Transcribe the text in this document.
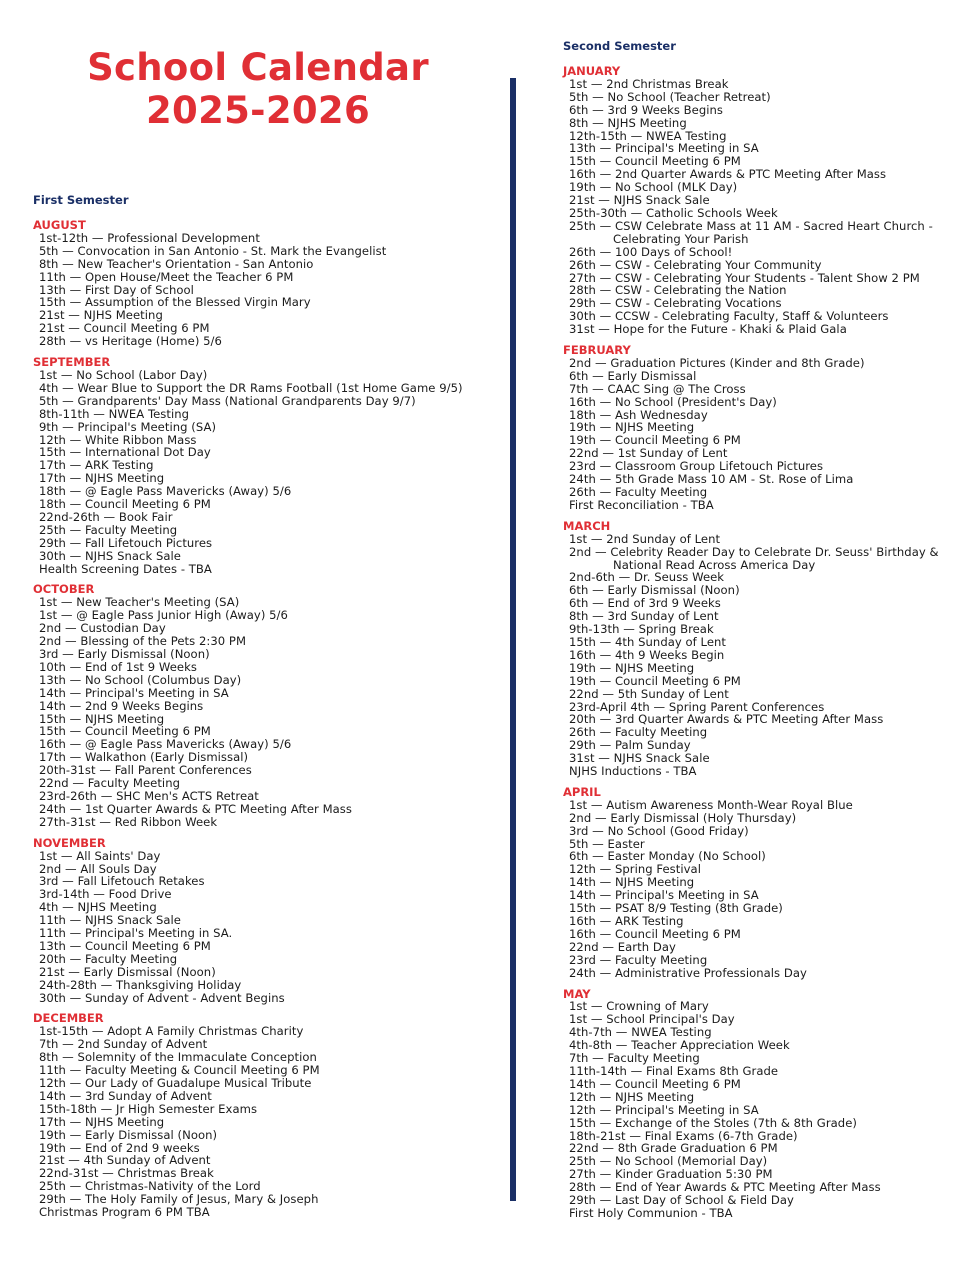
School Calendar
2025-2026
First Semester
AUGUST
1st-12th — Professional Development
5th — Convocation in San Antonio - St. Mark the Evangelist
8th — New Teacher's Orientation - San Antonio
11th — Open House/Meet the Teacher 6 PM
13th — First Day of School
15th — Assumption of the Blessed Virgin Mary
21st — NJHS Meeting
21st — Council Meeting 6 PM
28th — vs Heritage (Home) 5/6
SEPTEMBER
1st — No School (Labor Day)
4th — Wear Blue to Support the DR Rams Football (1st Home Game 9/5)
5th — Grandparents' Day Mass (National Grandparents Day 9/7)
8th-11th — NWEA Testing
9th — Principal's Meeting (SA)
12th — White Ribbon Mass
15th — International Dot Day
17th — ARK Testing
17th — NJHS Meeting
18th — @ Eagle Pass Mavericks (Away) 5/6
18th — Council Meeting 6 PM
22nd-26th — Book Fair
25th — Faculty Meeting
29th — Fall Lifetouch Pictures
30th — NJHS Snack Sale
Health Screening Dates - TBA
OCTOBER
1st — New Teacher's Meeting (SA)
1st — @ Eagle Pass Junior High (Away) 5/6
2nd — Custodian Day
2nd — Blessing of the Pets 2:30 PM
3rd — Early Dismissal (Noon)
10th — End of 1st 9 Weeks
13th — No School (Columbus Day)
14th — Principal's Meeting in SA
14th — 2nd 9 Weeks Begins
15th — NJHS Meeting
15th — Council Meeting 6 PM
16th — @ Eagle Pass Mavericks (Away) 5/6
17th — Walkathon (Early Dismissal)
20th-31st — Fall Parent Conferences
22nd — Faculty Meeting
23rd-26th — SHC Men's ACTS Retreat
24th — 1st Quarter Awards & PTC Meeting After Mass
27th-31st — Red Ribbon Week
NOVEMBER
1st — All Saints' Day
2nd — All Souls Day
3rd — Fall Lifetouch Retakes
3rd-14th — Food Drive
4th — NJHS Meeting
11th — NJHS Snack Sale
11th — Principal's Meeting in SA.
13th — Council Meeting 6 PM
20th — Faculty Meeting
21st — Early Dismissal (Noon)
24th-28th — Thanksgiving Holiday
30th — Sunday of Advent - Advent Begins
DECEMBER
1st-15th — Adopt A Family Christmas Charity
7th — 2nd Sunday of Advent
8th — Solemnity of the Immaculate Conception
11th — Faculty Meeting & Council Meeting 6 PM
12th — Our Lady of Guadalupe Musical Tribute
14th — 3rd Sunday of Advent
15th-18th — Jr High Semester Exams
17th — NJHS Meeting
19th — Early Dismissal (Noon)
19th — End of 2nd 9 weeks
21st — 4th Sunday of Advent
22nd-31st — Christmas Break
25th — Christmas-Nativity of the Lord
29th — The Holy Family of Jesus, Mary & Joseph
Christmas Program 6 PM TBA
Second Semester
JANUARY
1st — 2nd Christmas Break
5th — No School (Teacher Retreat)
6th — 3rd 9 Weeks Begins
8th — NJHS Meeting
12th-15th — NWEA Testing
13th — Principal's Meeting in SA
15th — Council Meeting 6 PM
16th — 2nd Quarter Awards & PTC Meeting After Mass
19th — No School (MLK Day)
21st — NJHS Snack Sale
25th-30th — Catholic Schools Week
25th — CSW Celebrate Mass at 11 AM - Sacred Heart Church -
Celebrating Your Parish
26th — 100 Days of School!
26th — CSW - Celebrating Your Community
27th — CSW - Celebrating Your Students - Talent Show 2 PM
28th — CSW - Celebrating the Nation
29th — CSW - Celebrating Vocations
30th — CCSW - Celebrating Faculty, Staff & Volunteers
31st — Hope for the Future - Khaki & Plaid Gala
FEBRUARY
2nd — Graduation Pictures (Kinder and 8th Grade)
6th — Early Dismissal
7th — CAAC Sing @ The Cross
16th — No School (President's Day)
18th — Ash Wednesday
19th — NJHS Meeting
19th — Council Meeting 6 PM
22nd — 1st Sunday of Lent
23rd — Classroom Group Lifetouch Pictures
24th — 5th Grade Mass 10 AM - St. Rose of Lima
26th — Faculty Meeting
First Reconciliation - TBA
MARCH
1st — 2nd Sunday of Lent
2nd — Celebrity Reader Day to Celebrate Dr. Seuss' Birthday &
National Read Across America Day
2nd-6th — Dr. Seuss Week
6th — Early Dismissal (Noon)
6th — End of 3rd 9 Weeks
8th — 3rd Sunday of Lent
9th-13th — Spring Break
15th — 4th Sunday of Lent
16th — 4th 9 Weeks Begin
19th — NJHS Meeting
19th — Council Meeting 6 PM
22nd — 5th Sunday of Lent
23rd-April 4th — Spring Parent Conferences
20th — 3rd Quarter Awards & PTC Meeting After Mass
26th — Faculty Meeting
29th — Palm Sunday
31st — NJHS Snack Sale
NJHS Inductions - TBA
APRIL
1st — Autism Awareness Month-Wear Royal Blue
2nd — Early Dismissal (Holy Thursday)
3rd — No School (Good Friday)
5th — Easter
6th — Easter Monday (No School)
12th — Spring Festival
14th — NJHS Meeting
14th — Principal's Meeting in SA
15th — PSAT 8/9 Testing (8th Grade)
16th — ARK Testing
16th — Council Meeting 6 PM
22nd — Earth Day
23rd — Faculty Meeting
24th — Administrative Professionals Day
MAY
1st — Crowning of Mary
1st — School Principal's Day
4th-7th — NWEA Testing
4th-8th — Teacher Appreciation Week
7th — Faculty Meeting
11th-14th — Final Exams 8th Grade
14th — Council Meeting 6 PM
12th — NJHS Meeting
12th — Principal's Meeting in SA
15th — Exchange of the Stoles (7th & 8th Grade)
18th-21st — Final Exams (6-7th Grade)
22nd — 8th Grade Graduation 6 PM
25th — No School (Memorial Day)
27th — Kinder Graduation 5:30 PM
28th — End of Year Awards & PTC Meeting After Mass
29th — Last Day of School & Field Day
First Holy Communion - TBA
